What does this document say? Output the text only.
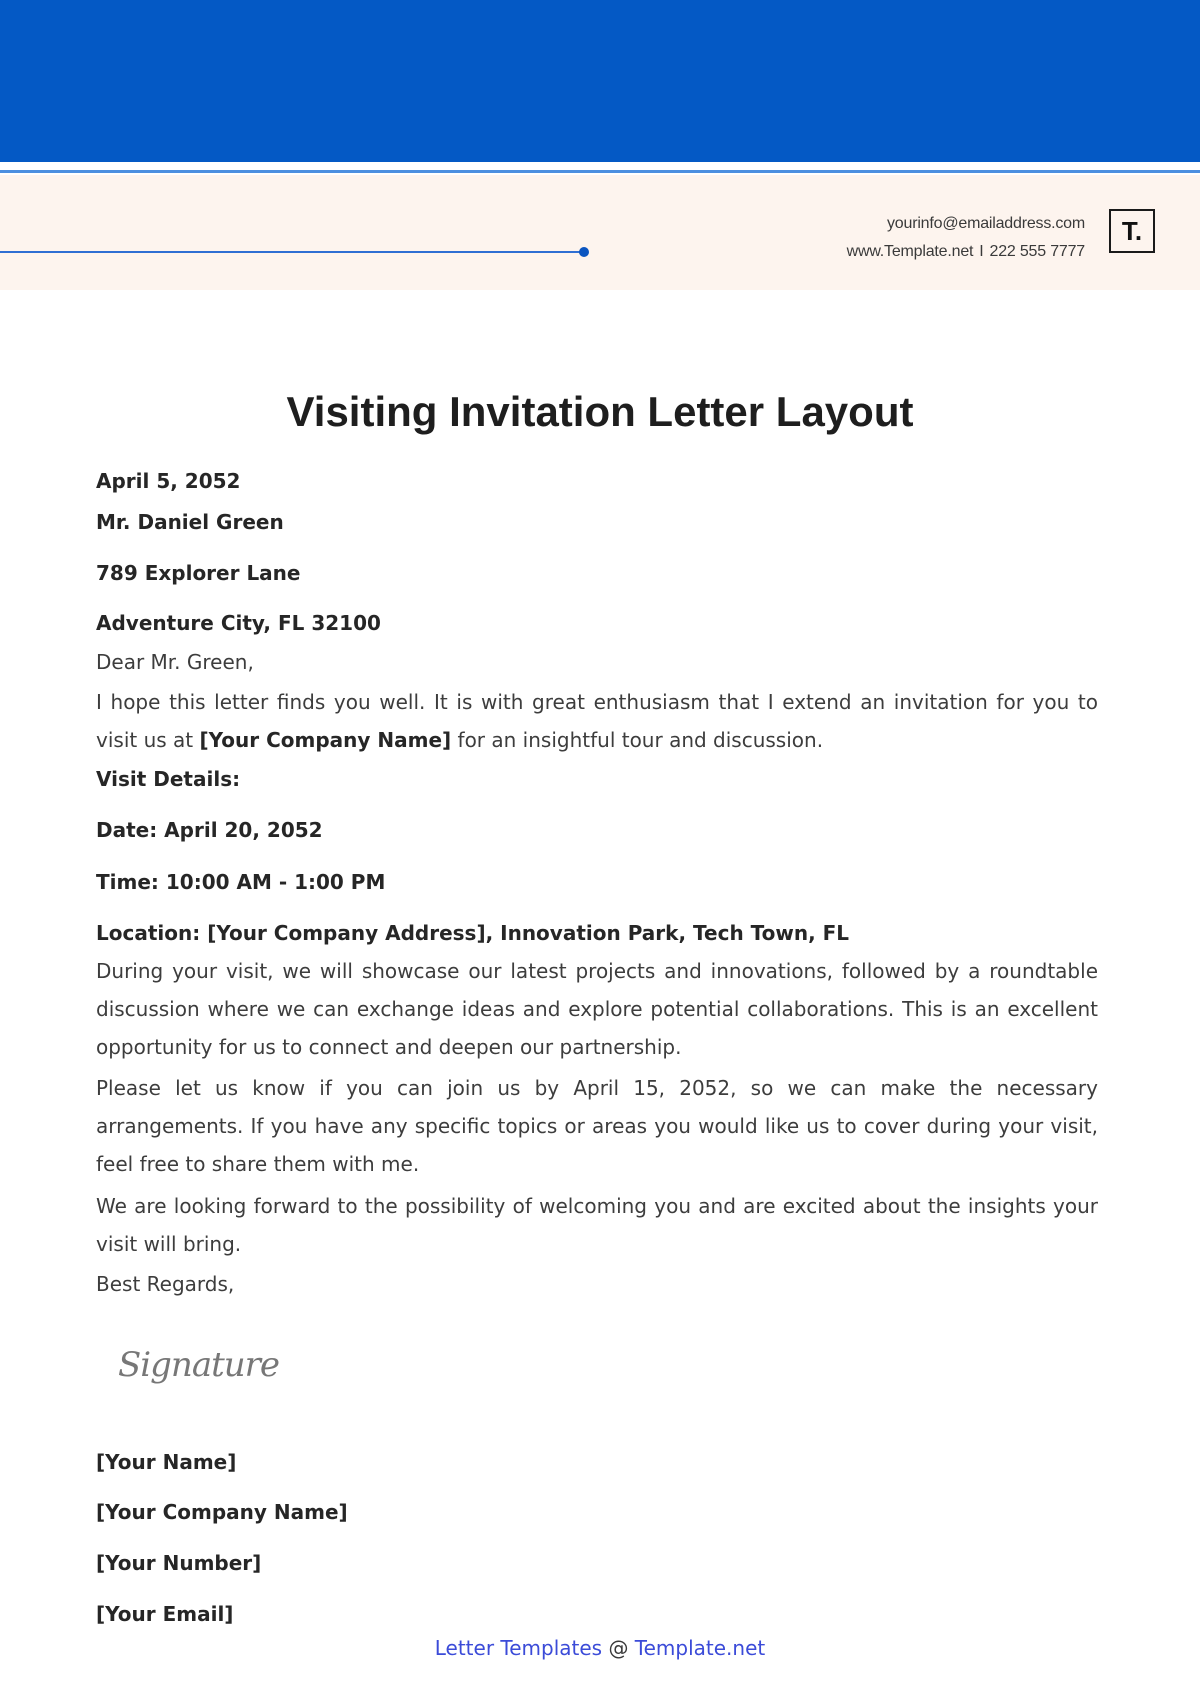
yourinfo@emailaddress.com
www.Template.net I 222 555 7777
T.
Visiting Invitation Letter Layout

April 5, 2052

Mr. Daniel Green

789 Explorer Lane

Adventure City, FL 32100

Dear Mr. Green,

I hope this letter finds you well. It is with great enthusiasm that I extend an invitation for you to visit us at [Your Company Name] for an insightful tour and discussion.

Visit Details:

Date: April 20, 2052

Time: 10:00 AM - 1:00 PM

Location: [Your Company Address], Innovation Park, Tech Town, FL

During your visit, we will showcase our latest projects and innovations, followed by a roundtable discussion where we can exchange ideas and explore potential collaborations. This is an excellent opportunity for us to connect and deepen our partnership.

Please let us know if you can join us by April 15, 2052, so we can make the necessary arrangements. If you have any specific topics or areas you would like us to cover during your visit, feel free to share them with me.

We are looking forward to the possibility of welcoming you and are excited about the insights your visit will bring.

Best Regards,

Signature

[Your Name]

[Your Company Name]

[Your Number]

[Your Email]

Letter Templates @ Template.net
